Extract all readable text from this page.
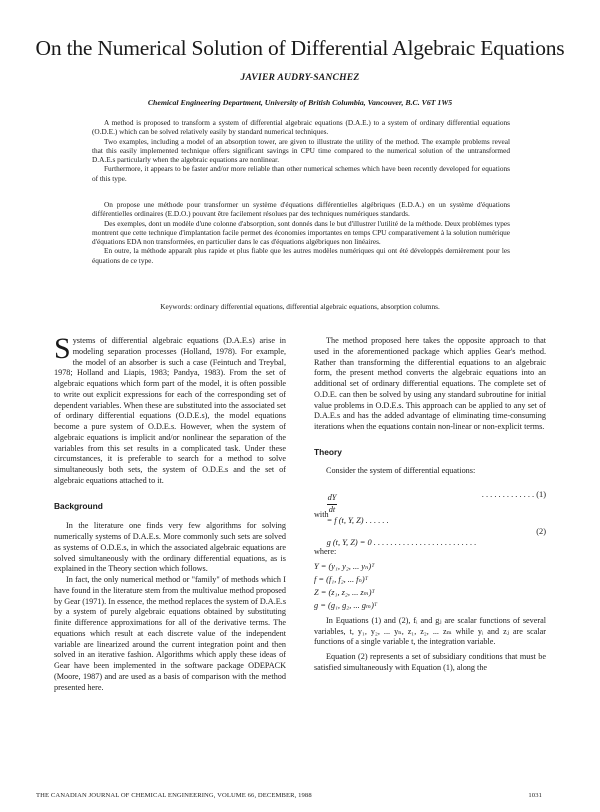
On the Numerical Solution of Differential Algebraic Equations
JAVIER AUDRY-SANCHEZ
Chemical Engineering Department, University of British Columbia, Vancouver, B.C. V6T 1W5

A method is proposed to transform a system of differential algebraic equations (D.A.E.) to a system of ordinary differential equations (O.D.E.) which can be solved relatively easily by standard numerical techniques.

Two examples, including a model of an absorption tower, are given to illustrate the utility of the method. The example problems reveal that this easily implemented technique offers significant savings in CPU time compared to the numerical solution of the untransformed D.A.E.s particularly when the algebraic equations are nonlinear.

Furthermore, it appears to be faster and/or more reliable than other numerical schemes which have been recently developed for equations of this type.

On propose une méthode pour transformer un système d'équations différentielles algébriques (E.D.A.) en un système d'équations différentielles ordinaires (E.D.O.) pouvant être facilement résolues par des techniques numériques standards.

Des exemples, dont un modèle d'une colonne d'absorption, sont donnés dans le but d'illustrer l'utilité de la méthode. Deux problèmes types montrent que cette technique d'implantation facile permet des économies importantes en temps CPU comparativement à la solution numérique d'équations EDA non transformées, en particulier dans le cas d'équations algébriques non linéaires.

En outre, la méthode apparaît plus rapide et plus fiable que les autres modèles numériques qui ont été développés dernièrement pour les équations de ce type.

Keywords: ordinary differential equations, differential algebraic equations, absorption columns.

Systems of differential algebraic equations (D.A.E.s) arise in modeling separation processes (Holland, 1978). For example, the model of an absorber is such a case (Feintuch and Treybal, 1978; Holland and Liapis, 1983; Pandya, 1983). From the set of algebraic equations which form part of the model, it is often possible to write out explicit expressions for each of the corresponding set of dependent variables. When these are substituted into the associated set of ordinary differential equations (O.D.E.s), the model equations become a pure system of O.D.E.s. However, when the system of algebraic equations is implicit and/or nonlinear the separation of the variables from this set results in a complicated task. Under these circumstances, it is preferable to search for a method to solve simultaneously both sets, the system of O.D.E.s and the set of algebraic equations attached to it.

Background

In the literature one finds very few algorithms for solving numerically systems of D.A.E.s. More commonly such sets are solved as systems of O.D.E.s, in which the associated algebraic equations are solved simultaneously with the ordinary differential equations, as is explained in the Theory section which follows.

In fact, the only numerical method or "family" of methods which I have found in the literature stem from the multivalue method proposed by Gear (1971). In essence, the method replaces the system of D.A.E.s by a system of purely algebraic equations obtained by substituting finite difference approximations for all of the derivative terms. The equations which result at each discrete value of the independent variable are linearized around the current integration point and then solved in an iterative fashion. Algorithms which apply these ideas of Gear have been implemented in the software package ODEPACK (Moore, 1987) and are used as a basis of comparison with the method presented here.

The method proposed here takes the opposite approach to that used in the aforementioned package which applies Gear's method. Rather than transforming the differential equations to an algebraic form, the present method converts the algebraic equations into an additional set of ordinary differential equations. The complete set of O.D.E. can then be solved by using any standard subroutine for initial value problems in O.D.E.s. This approach can be applied to any set of D.A.E.s and has the added advantage of eliminating time-consuming iterations when the equations contain non-linear or non-explicit terms.

Theory

Consider the system of differential equations:

$\frac{dY}{dt}$

= f (t, Y, Z) . . . . . .

. . . . . . . . . . . . . (1)

with

g (t, Y, Z) = 0 . . . . . . . . . . . . . . . . . . . . . . . . .

(2)

where:

Y = (y₁, y₂, ... yₙ)ᵀ
f = (f₁, f₂, ... fₙ)ᵀ
Z = (z₁, z₂, ... zₘ)ᵀ
g = (g₁, g₂, ... gₘ)ᵀ

In Equations (1) and (2), fᵢ and gⱼ are scalar functions of several variables, t, y₁, y₂, ... yₙ, z₁, z₂, ... zₘ while yᵢ and zⱼ are scalar functions of a single variable t, the integration variable.

Equation (2) represents a set of subsidiary conditions that must be satisfied simultaneously with Equation (1), along the

THE CANADIAN JOURNAL OF CHEMICAL ENGINEERING, VOLUME 66, DECEMBER, 1988	1031
